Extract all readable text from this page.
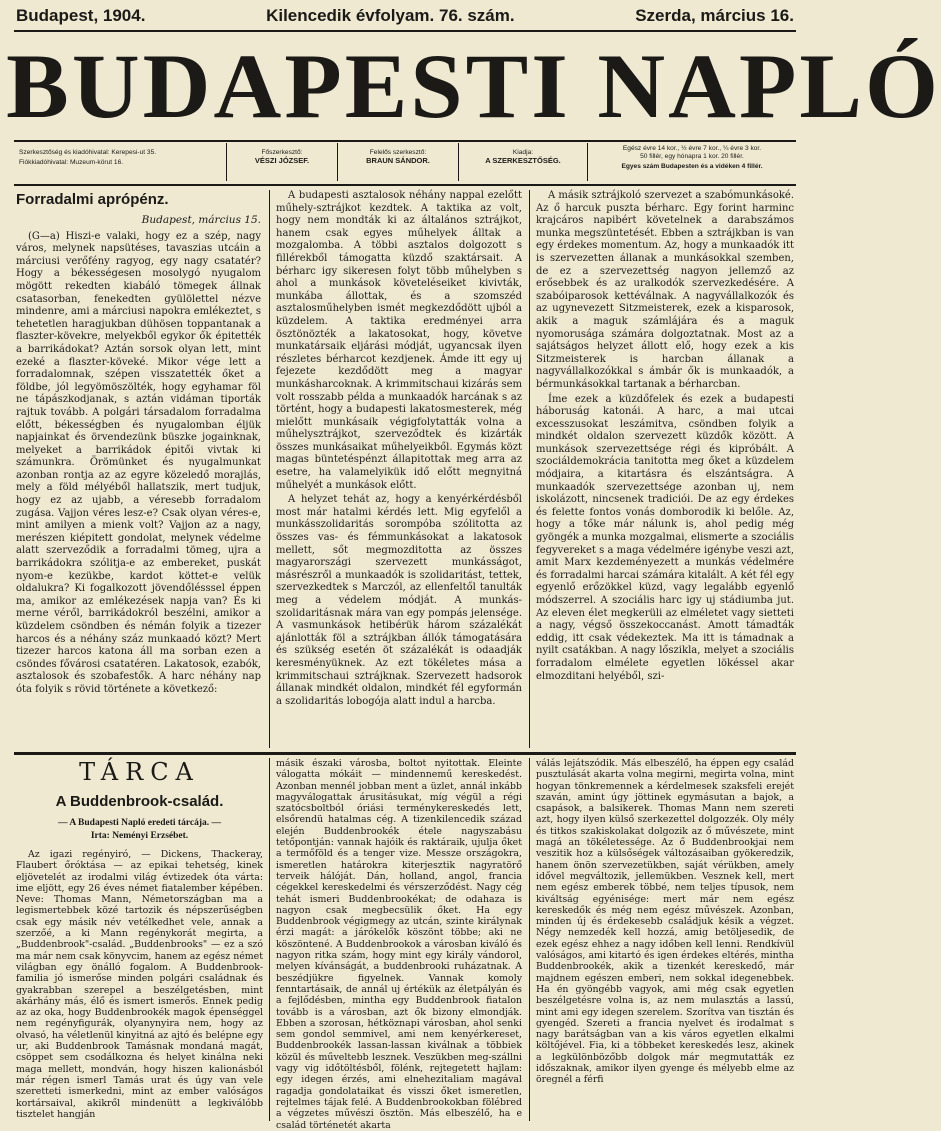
Budapest, 1904.	Kilencedik évfolyam. 76. szám.	Szerda, március 16.
BUDAPESTI NAPLÓ
Szerkesztőség és kiadóhivatal: Kerepesi-ut 35.
Fiókkiadóhivatal: Muzeum-körut 16.
Főszerkesztő:
VÉSZI JÓZSEF.
Felelős szerkesztő:
BRAUN SÁNDOR.
Kiadja:
A SZERKESZTŐSÉG.
Egész évre 14 kor., ½ évre 7 kor., ¼ évre 3 kor.
50 fillér, egy hónapra 1 kor. 20 fillér.
Egyes szám Budapesten és a vidéken 4 fillér.
Forradalmi aprópénz.
Budapest, március 15.

(G—a) Hiszi-e valaki, hogy ez a szép, nagy város, melynek napsütéses, tavaszias utcáin a márciusi verőfény ragyog, egy nagy csatatér? Hogy a békességesen mosolygó nyugalom mögött rekedten kiabáló tömegek állnak csatasorban, fenekedten gyülölettel nézve mindenre, ami a márciusi napokra emlékeztet, s tehetetlen haragjukban dühösen toppantanak a flaszter-kövekre, melyekből egykor ők épitették a barrikádokat? Aztán sorsok olyan lett, mint ezeké a flaszter-köveké. Mikor vége lett a forradalomnak, szépen visszatették őket a földbe, jól legyömöszölték, hogy egyhamar föl ne tápászkodjanak, s aztán vidáman tiporták rajtuk tovább. A polgári társadalom forradalma előtt, békességben és nyugalomban éljük napjainkat és örvendezünk büszke jogainknak, melyeket a barrikádok épitői vivtak ki számunkra. Örömünket és nyugalmunkat azonban rontja az az egyre közeledő morajlás, mely a föld mélyéből hallatszik, mert tudjuk, hogy ez az ujabb, a véresebb forradalom zugása. Vajjon véres lesz-e? Csak olyan véres-e, mint amilyen a mienk volt? Vajjon az a nagy, merészen kiépitett gondolat, melynek védelme alatt szerveződik a forradalmi tömeg, ujra a barrikádokra szólitja-e az embereket, puskát nyom-e kezükbe, kardot köttet-e velük oldalukra? Ki fogalkozott jövendőlésssel éppen ma, amikor az emlékezések napja van? És ki merne véről, barrikádokról beszélni, amikor a küzdelem csöndben és némán folyik a tizezer harcos és a néhány száz munkaadó közt? Mert tizezer harcos katona áll ma sorban ezen a csöndes fővárosi csatatéren. Lakatosok, ezabók, asztalosok és szobafestők. A harc néhány nap óta folyik s rövid története a következő:

A budapesti asztalosok néhány nappal ezelőtt műhely-sztrájkot kezdtek. A taktika az volt, hogy nem mondták ki az általános sztrájkot, hanem csak egyes műhelyek álltak a mozgalomba. A többi asztalos dolgozott s fillérekből támogatta küzdő szaktársait. A bérharc igy sikeresen folyt több műhelyben s ahol a munkások követeléseiket kivivták, munkába állottak, és a szomszéd asztalosműhelyben ismét megkezdődött ujból a küzdelem. A taktika eredményei arra ösztönözték a lakatosokat, hogy, követve munkatársaik eljárási módját, ugyancsak ilyen részletes bérharcot kezdjenek. Ámde itt egy uj fejezete kezdődött meg a magyar munkásharcoknak. A krimmitschaui kizárás sem volt rosszabb példa a munkaadók harcának s az történt, hogy a budapesti lakatosmesterek, még mielőtt munkásaik végigfolytatták volna a műhelysztrájkot, szerveződtek és kizárták összes munkásaikat műhelyeikből. Egymás közt magas büntetéspénzt állapitottak meg arra az esetre, ha valamelyikük idő előtt megnyitná műhelyét a munkások előtt.

A helyzet tehát az, hogy a kenyérkérdésből most már hatalmi kérdés lett. Mig egyfelől a munkásszolidaritás sorompóba szólitotta az összes vas- és fémmunkásokat a lakatosok mellett, sőt megmozditotta az összes magyarországi szervezett munkásságot, másrészről a munkaadók is szolidaritást, tettek, szervezkedtek s Marczól, az ellenfeltől tanulták meg a védelem módját. A munkás-szolidaritásnak mára van egy pompás jelenségе. A vasmunkások hetibérük három százalékát ajánlották föl a sztrájkban állók támogatására és szükség esetén öt százalékát is odaadják keresményüknek. Az ezt tökéletes mása a krimmitschaui sztrájknak. Szervezett hadsorok állanak mindkét oldalon, mindkét fél egyformán a szolidaritás lobogója alatt indul a harcba.

A másik sztrájkoló szervezet a szabómunkásoké. Az ő harcuk puszta bérharc. Egy forint harminc krajcáros napibért követelnek a darabszámos munka megszüntetését. Ebben a sztrájkban is van egy érdekes momentum. Az, hogy a munkaadók itt is szervezetten állanak a munkásokkal szemben, de ez a szervezettség nagyon jellemző az erősebbek és az uralkodók szervezkedésére. A szabóiparosok kettéválnak. A nagyvállalkozók és az ugynevezett Sitzmeisterek, ezek a kisparosok, akik a maguk számlájára és a maguk nyomorusága számára dolgoztatnak. Most az a sajátságos helyzet állott elő, hogy ezek a kis Sitzmeisterek is harcban állanak a nagyvállalkozókkal s ámbár ők is munkaadók, a bérmunkásokkal tartanak a bérharcban.

Íme ezek a küzdőfelek és ezek a budapesti háboruság katonái. A harc, a mai utcai excesszusokat leszámitva, csöndben folyik a mindkét oldalon szervezett küzdők között. A munkások szervezettsége régi és kipróbált. A szociáldemokrácia tanitotta meg őket a küzdelem módjaira, a kitartásra és elszántságra. A munkaadók szervezettsége azonban uj, nem iskolázott, nincsenek tradiciói. De az egy érdekes és felette fontos vonás domborodik ki belőle. Az, hogy a tőke már nálunk is, ahol pedig még gyöngék a munka mozgalmai, elismerte a szociális fegyvereket s a maga védelmére igénybe veszi azt, amit Marx kezdeményezett a munkás védelmére és forradalmi harcai számára kitalált. A két fél egy egyenlő erőzökkel küzd, vagy legalább egyenlő módszerrel. A szociális harc igy uj stádiumba jut. Az eleven élet megkerüli az elméletet vagy sietteti a nagy, végső összekoccanást. Amott támadták eddig, itt csak védekeztek. Ma itt is támadnak a nyilt csatákban. A nagy lőszikla, melyet a szociális forradalom elmélete egyetlen lökéssel akar elmozditani helyéből, szi-

TÁRCA
A Buddenbrook-család.
— A Budapesti Napló eredeti tárcája. —
Irta: Neményi Erzsébet.

Az igazi regényiró, — Dickens, Thackeray, Flaubert őróktása — az epikai tehetség, kinek eljövetelét az irodalmi világ évtizedek óta várta: ime eljött, egy 26 éves német fiatalember képében. Neve: Thomas Mann, Németországban ma a legismertebbek közé tartozik és népszerűségben csak egy másik név vetélkedhet vele, annak a szerzőé, a ki Mann regénykorát megirta, a „Buddenbrook"-család. „Buddenbrooks" — ez a szó ma már nem csak könyvcim, hanem az egész német világban egy önálló fogalom. A Buddenbrook-familia jó ismerőse minden polgári családnak és gyakrabban szerepel a beszélgetésben, mint akárhány más, élő és ismert ismerős. Ennek pedig az az oka, hogy Buddenbrookék magok épenséggel nem regényfigurák, olyanynyira nem, hogy az olvasó, ha véletlenül kinyitná az ajtó és belépne egy ur, aki Buddenbrook Tamásnak mondaná magát, csöppet sem csodálkozna és helyet kinálna neki maga mellett, mondván, hogy hiszen kalionásból már régen ismerl Tamás urat és úgy van vele szeretteti ismerkedni, mint az ember valóságos kortársaival, akikről mindenütt a legkiválóbb tisztelet hangján

másik északi városba, boltot nyitottak. Eleinte válogatta mókáit — mindennemű kereskedést. Azonban mennél jobban ment a üzlet, annál inkább magyválogattak árusitásukat, míg végül a régi szatócsboltból óriási terménykereskedés lett, elsőrendü hatalmas cég. A tizenkilencedik század elején Buddenbrookék étele nagyszabásu tetőpontján: vannak hajóik és raktáraik, ujulja őket a termőföld és a tenger vize. Messze országokra, ismeretlen határokra kiterjesztik nagyratörő terveik hálóját. Dán, holland, angol, francia cégekkel kereskedelmi és vérszerződést. Nagy cég tehát ismeri Buddenbrookékat; de odahaza is nagyon csak megbecsülik őket. Ha egy Buddenbrook végigmegy az utcán, szinte királynak érzi magát: a járókelők köszönt többe; aki ne köszöntené. A Buddenbrookok a városban kiváló és nagyon ritka szám, hogy mint egy király vándorol, melyen kívánságát, a buddenbrooki ruházatnak. A beszédjükre figyelnek. Vannak komoly fenntartásaik, de annál uj értékük az életpályán és a fejlődésben, mintha egy Buddenbrook fiatalon tovább is a városban, azt ők bizony elmondják. Ebben a szorosan, hétköznapi városban, ahol senki sem gondol semmivel, ami nem kenyérkereset, Buddenbrookék lassan-lassan kiválnak a többiek közül és műveltebb lesznek. Veszükben meg-szállni vagy vig időtöltésből, fölénk, rejtegetett hajlam: egy idegen érzés, ami elnehezitaliam magával ragadja gondolataikat és visszi őket ismeretlen, rejtelmes tájak felé. A Buddenbrookokban fölébred a végzetes művészi ösztön. Más elbeszélő, ha e család történetét akarta

válás lejátszódik. Más elbeszélő, ha éppen egy család pusztulását akarta volna megirni, megirta volna, mint hogyan tönkremennek a kérdelmesek szaksfeli erejét szaván, amint úgy jöttinek egymásutan a bajok, a csapások, a balsikerek. Thomas Mann nem szereti azt, hogy ilyen külső szerkezettel dolgozzék. Oly mély és titkos szakiskolakat dolgozik az ő művészete, mint magá an tökéletessége. Az ő Buddenbrookjai nem veszitik hoz a külsőségek változásaiban gyökeredzik, hanem önön szervezetükben, saját vérükben, amely idővel megváltozik, jellemükben. Vesznek kell, mert nem egész emberek többé, nem teljes típusok, nem kiváltság egyénisége: mert már nem egész kereskedők és még nem egész művészek. Azonban, minden új és érdekesebb családjuk késik a végzet. Négy nemzedék kell hozzá, amig betöljesedik, de ezek egész ehhez a nagy időben kell lenni. Rendkívül valóságos, ami kitartó és igen érdekes eltérés, mintha Buddenbrookék, akik a tizenkét kereskedő, már majdnem egészen emberi, nem sokkal idegenebbek. Ha én gyöngébb vagyok, ami még csak egyetlen beszélgetésre volna is, az nem mulasztás a lassú, mint ami egy idegen szerelem. Szorítva van tisztán és gyengéd. Szereti a francia nyelvet és irodalmat s nagy barátságban van a kis város egyetlen elkalmi költőjével. Fia, ki a többeket kereskedés lesz, akinek a legkülönbözőbb dolgok már megmutatták ez időszaknak, amikor ilyen gyenge és mélyebb elme az öregnél a férfi
